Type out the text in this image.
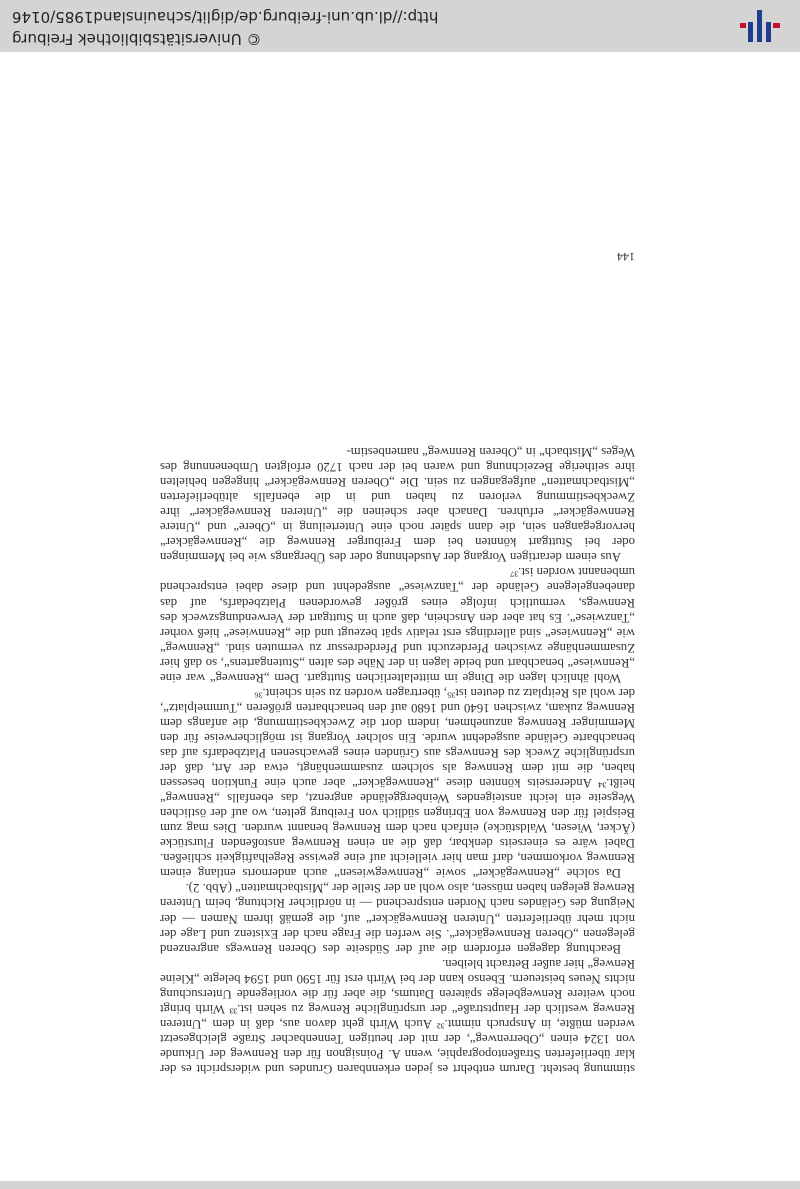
stimmung besteht. Darum entbehrt es jeden erkennbaren Grundes und widerspricht es der klar überlieferten Straßentopographie, wenn A. Poinsignon für den Rennweg der Urkunde von 1324 einen „Oberrenweg“, der mit der heutigen Tennenbacher Straße gleichgesetzt werden müßte, in Anspruch nimmt.³² Auch Wirth geht davon aus, daß in dem „Unteren Renweg westlich der Hauptstraße“ der ursprüngliche Renweg zu sehen ist.³³ Wirth bringt noch weitere Renwegbelege späteren Datums, die aber für die vorliegende Untersuchung nichts Neues beisteuern. Ebenso kann der bei Wirth erst für 1590 und 1594 belegte „Kleine Renweg“ hier außer Betracht bleiben.

Beachtung dagegen erfordern die auf der Südseite des Oberen Renwegs angrenzend gelegenen „Oberen Rennwegäcker“. Sie werfen die Frage nach der Existenz und Lage der nicht mehr überlieferten „Unteren Rennwegäcker“ auf, die gemäß ihrem Namen — der Neigung des Geländes nach Norden entsprechend — in nördlicher Richtung, beim Unteren Renweg gelegen haben müssen, also wohl an der Stelle der „Mistbachmatten“ (Abb. 2).

Da solche „Rennwegäcker“ sowie „Rennwegwiesen“ auch andernorts entlang einem Rennweg vorkommen, darf man hier vielleicht auf eine gewisse Regelhaftigkeit schließen. Dabei wäre es einerseits denkbar, daß die an einen Rennweg anstoßenden Flurstücke (Äcker, Wiesen, Waldstücke) einfach nach dem Rennweg benannt wurden. Dies mag zum Beispiel für den Rennweg von Ebringen südlich von Freiburg gelten, wo auf der östlichen Wegseite ein leicht ansteigendes Weinberggelände angrenzt, das ebenfalls „Rennweg“ heißt.³⁴ Andererseits könnten diese „Rennwegäcker“ aber auch eine Funktion besessen haben, die mit dem Rennweg als solchem zusammenhängt, etwa der Art, daß der ursprüngliche Zweck des Rennwegs aus Gründen eines gewachsenen Platzbedarfs auf das benachbarte Gelände ausgedehnt wurde. Ein solcher Vorgang ist möglicherweise für den Memminger Rennweg anzunehmen, indem dort die Zweckbestimmung, die anfangs dem Rennweg zukam, zwischen 1640 und 1680 auf den benachbarten größeren „Tummelplatz“, der wohl als Reitplatz zu deuten ist³⁵, übertragen worden zu sein scheint.³⁶

Wohl ähnlich lagen die Dinge im mittelalterlichen Stuttgart. Dem „Rennweg“ war eine „Rennwiese“ benachbart und beide lagen in der Nähe des alten „Stutengartens“, so daß hier Zusammenhänge zwischen Pferdezucht und Pferdedressur zu vermuten sind. „Rennweg“ wie „Rennwiese“ sind allerdings erst relativ spät bezeugt und die „Rennwiese“ hieß vorher „Tanzwiese“. Es hat aber den Anschein, daß auch in Stuttgart der Verwendungszweck des Rennwegs, vermutlich infolge eines größer gewordenen Platzbedarfs, auf das danebengelegene Gelände der „Tanzwiese“ ausgedehnt und diese dabei entsprechend umbenannt worden ist.³⁷

Aus einem derartigen Vorgang der Ausdehnung oder des Übergangs wie bei Memmingen oder bei Stuttgart könnten bei dem Freiburger Rennweg die „Rennwegäcker“ hervorgegangen sein, die dann später noch eine Unterteilung in „Obere“ und „Untere Rennwegäcker“ erfuhren. Danach aber scheinen die „Unteren Rennwegäcker“ ihre Zweckbestimmung verloren zu haben und in die ebenfalls altüberlieferten „Mistbachmatten“ aufgegangen zu sein. Die „Oberen Rennwegäcker“ hingegen behielten ihre seitherige Bezeichnung und waren bei der nach 1720 erfolgten Umbenennung des Weges „Mistbach“ in „Oberen Rennweg“ namenbestim-

144
© Universitätsbibliothek Freiburg
http://dl.ub.uni-freiburg.de/diglit/schauinsland1985/0146
